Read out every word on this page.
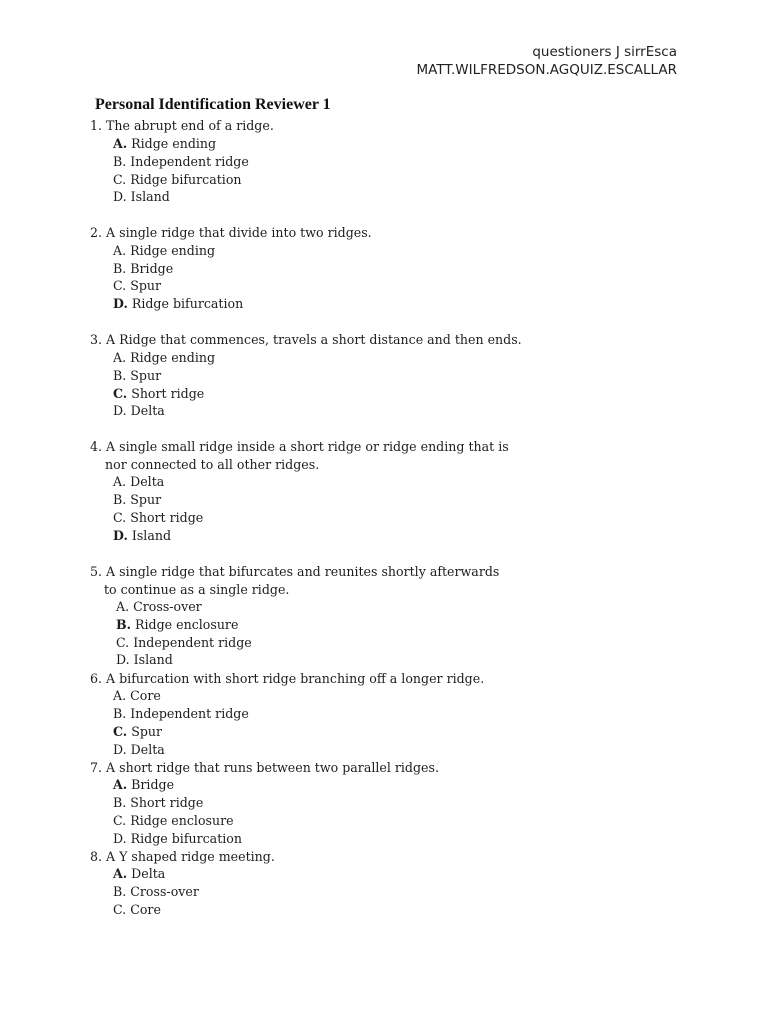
questioners J sirrEsca
MATT.WILFREDSON.AGQUIZ.ESCALLAR
Personal Identification Reviewer 1
1. The abrupt end of a ridge.
A. Ridge ending
B. Independent ridge
C. Ridge bifurcation
D. Island
2. A single ridge that divide into two ridges.
A. Ridge ending
B. Bridge
C. Spur
D. Ridge bifurcation
3. A Ridge that commences, travels a short distance and then ends.
A. Ridge ending
B. Spur
C. Short ridge
D. Delta
4. A single small ridge inside a short ridge or ridge ending that is
nor connected to all other ridges.
A. Delta
B. Spur
C. Short ridge
D. Island
5. A single ridge that bifurcates and reunites shortly afterwards
to continue as a single ridge.
A. Cross-over
B. Ridge enclosure
C. Independent ridge
D. Island
6. A bifurcation with short ridge branching off a longer ridge.
A. Core
B. Independent ridge
C. Spur
D. Delta
7. A short ridge that runs between two parallel ridges.
A. Bridge
B. Short ridge
C. Ridge enclosure
D. Ridge bifurcation
8. A Y shaped ridge meeting.
A. Delta
B. Cross-over
C. Core
